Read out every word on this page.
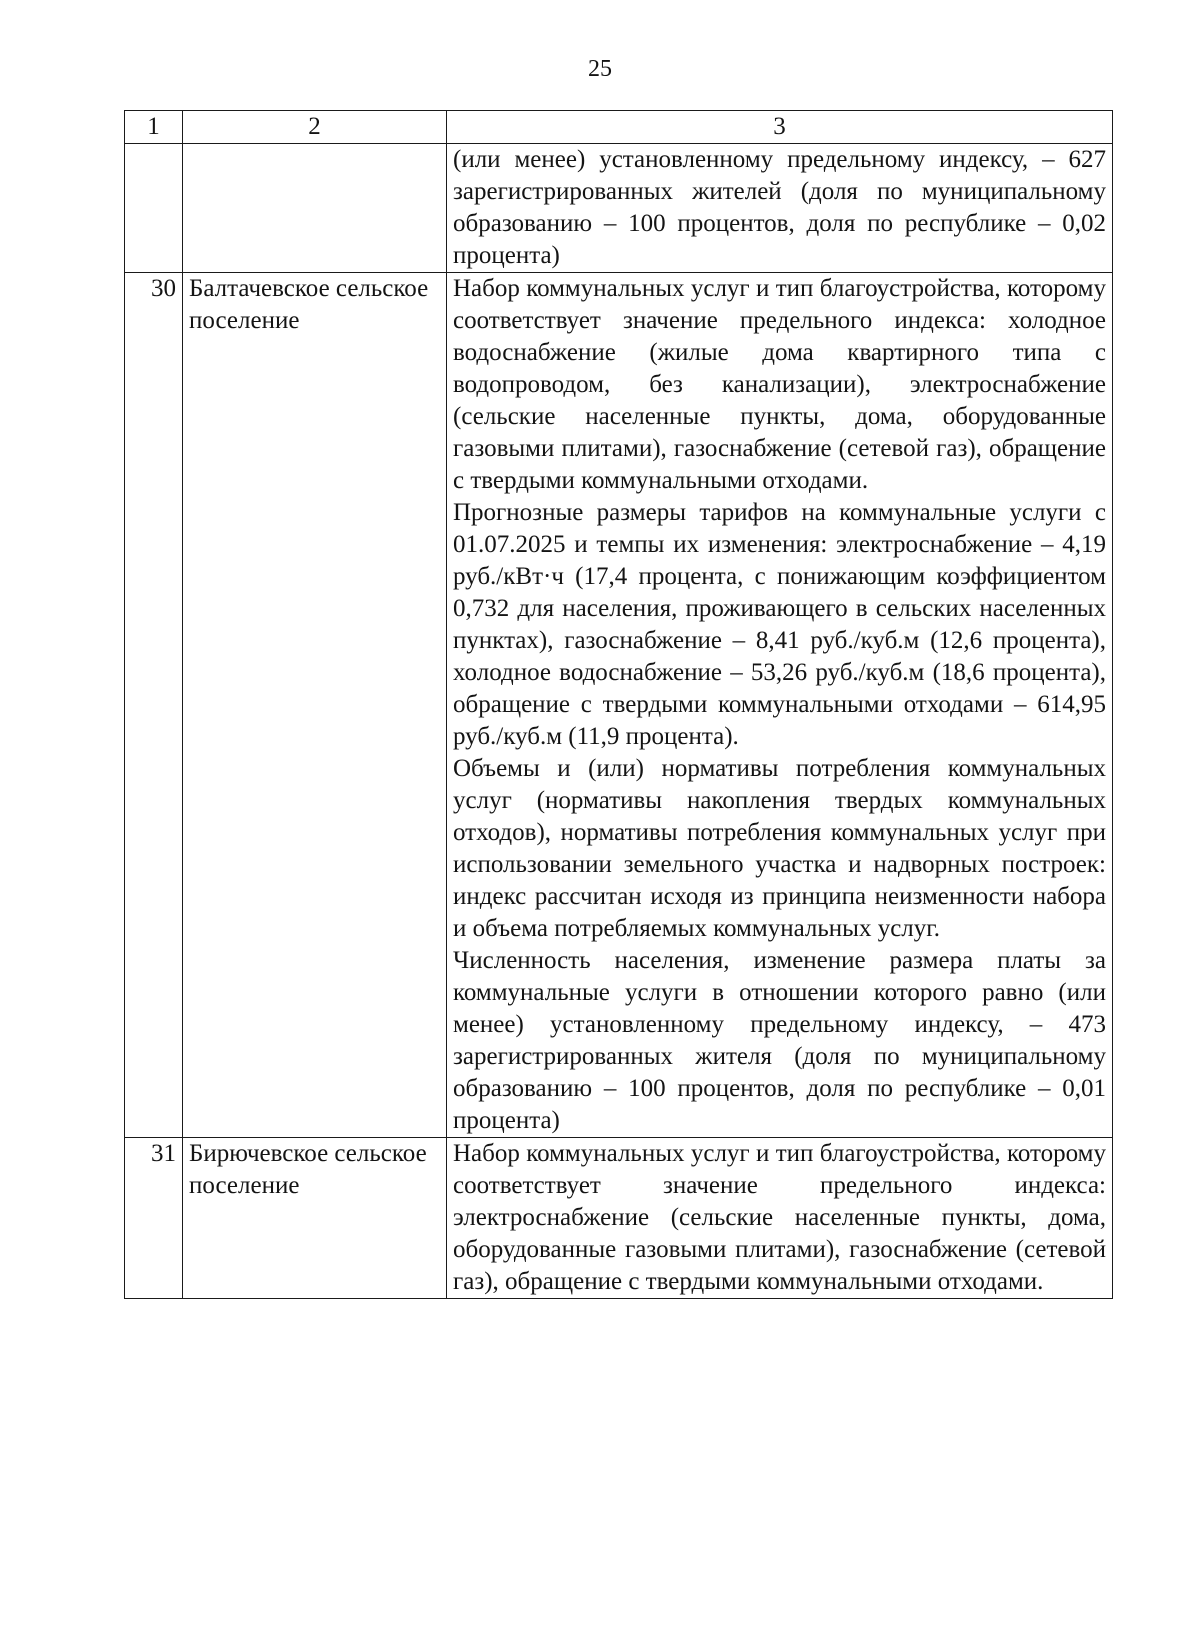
25
1	2	3

		(или менее) установленному предельному индексу, – 627 зарегистрированных жителей (доля по муниципальному образованию – 100 процентов, доля по республике – 0,02 процента)

30	Балтачевское сельское поселение	Набор коммунальных услуг и тип благоустройства, которому соответствует значение предельного индекса: холодное водоснабжение (жилые дома квартирного типа с водопроводом, без канализации), электроснабжение (сельские населенные пункты, дома, оборудованные газовыми плитами), газоснабжение (сетевой газ), обращение с твердыми коммунальными отходами.

Прогнозные размеры тарифов на коммунальные услуги с 01.07.2025 и темпы их изменения: электроснабжение – 4,19 руб./кВт·ч (17,4 процента, с понижающим коэффициентом 0,732 для населения, проживающего в сельских населенных пунктах), газоснабжение – 8,41 руб./куб.м (12,6 процента), холодное водоснабжение – 53,26 руб./куб.м (18,6 процента), обращение с твердыми коммунальными отходами – 614,95 руб./куб.м (11,9 процента).

Объемы и (или) нормативы потребления коммунальных услуг (нормативы накопления твердых коммунальных отходов), нормативы потребления коммунальных услуг при использовании земельного участка и надворных построек: индекс рассчитан исходя из принципа неизменности набора и объема потребляемых коммунальных услуг.

Численность населения, изменение размера платы за коммунальные услуги в отношении которого равно (или менее) установленному предельному индексу, – 473 зарегистрированных жителя (доля по муниципальному образованию – 100 процентов, доля по республике – 0,01 процента)

31	Бирючевское сельское поселение	Набор коммунальных услуг и тип благоустройства, которому соответствует значение предельного индекса: электроснабжение (сельские населенные пункты, дома, оборудованные газовыми плитами), газоснабжение (сетевой газ), обращение с твердыми коммунальными отходами.
